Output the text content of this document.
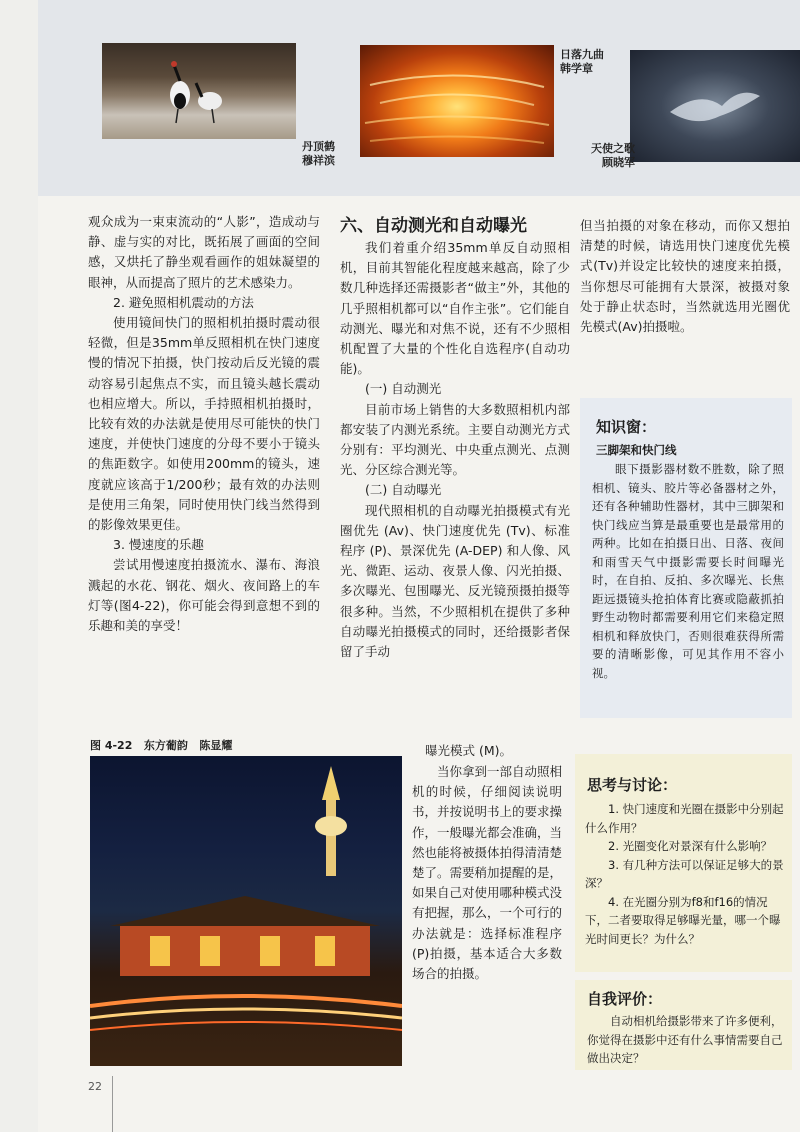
丹顶鹤
穆祥滨
日落九曲
韩学章
天使之歌
顾晓军

观众成为一束束流动的“人影”，造成动与静、虚与实的对比，既拓展了画面的空间感，又烘托了静坐观看画作的姐妹凝望的眼神，从而提高了照片的艺术感染力。

2. 避免照相机震动的方法

使用镜间快门的照相机拍摄时震动很轻微，但是35mm单反照相机在快门速度慢的情况下拍摄，快门按动后反光镜的震动容易引起焦点不实，而且镜头越长震动也相应增大。所以，手持照相机拍摄时，比较有效的办法就是使用尽可能快的快门速度，并使快门速度的分母不要小于镜头的焦距数字。如使用200mm的镜头，速度就应该高于1/200秒；最有效的办法则是使用三角架，同时使用快门线当然得到的影像效果更佳。

3. 慢速度的乐趣

尝试用慢速度拍摄流水、瀑布、海浪溅起的水花、钢花、烟火、夜间路上的车灯等(图4-22)，你可能会得到意想不到的乐趣和美的享受！

图 4-22 东方葡韵 陈显耀
六、自动测光和自动曝光

我们着重介绍35mm单反自动照相机，目前其智能化程度越来越高，除了少数几种选择还需摄影者“做主”外，其他的几乎照相机都可以“自作主张”。它们能自动测光、曝光和对焦不说，还有不少照相机配置了大量的个性化自选程序(自动功能)。

(一) 自动测光

目前市场上销售的大多数照相机内部都安装了内测光系统。主要自动测光方式分别有：平均测光、中央重点测光、点测光、分区综合测光等。

(二) 自动曝光

现代照相机的自动曝光拍摄模式有光圈优先 (Av)、快门速度优先 (Tv)、标准程序 (P)、景深优先 (A-DEP) 和人像、风光、微距、运动、夜景人像、闪光拍摄、多次曝光、包围曝光、反光镜预摄拍摄等很多种。当然，不少照相机在提供了多种自动曝光拍摄模式的同时，还给摄影者保留了手动

曝光模式 (M)。

当你拿到一部自动照相机的时候，仔细阅读说明书，并按说明书上的要求操作，一般曝光都会准确，当然也能将被摄体拍得清清楚楚了。需要稍加提醒的是，如果自己对使用哪种模式没有把握，那么，一个可行的办法就是：选择标准程序(P)拍摄，基本适合大多数场合的拍摄。

但当拍摄的对象在移动，而你又想拍清楚的时候，请选用快门速度优先模式(Tv)并设定比较快的速度来拍摄，当你想尽可能拥有大景深，被摄对象处于静止状态时，当然就选用光圈优先模式(Av)拍摄啦。

知识窗：
三脚架和快门线
眼下摄影器材数不胜数，除了照相机、镜头、胶片等必备器材之外，还有各种辅助性器材，其中三脚架和快门线应当算是最重要也是最常用的两种。比如在拍摄日出、日落、夜间和雨雪天气中摄影需要长时间曝光时，在自拍、反拍、多次曝光、长焦距远摄镜头抢拍体育比赛或隐蔽抓拍野生动物时都需要利用它们来稳定照相机和释放快门，否则很难获得所需要的清晰影像，可见其作用不容小视。
思考与讨论：
1. 快门速度和光圈在摄影中分别起什么作用？
2. 光圈变化对景深有什么影响？
3. 有几种方法可以保证足够大的景深？
4. 在光圈分别为f8和f16的情况下，二者要取得足够曝光量，哪一个曝光时间更长？为什么？
自我评价：
自动相机给摄影带来了许多便利，你觉得在摄影中还有什么事情需要自己做出决定？
22
